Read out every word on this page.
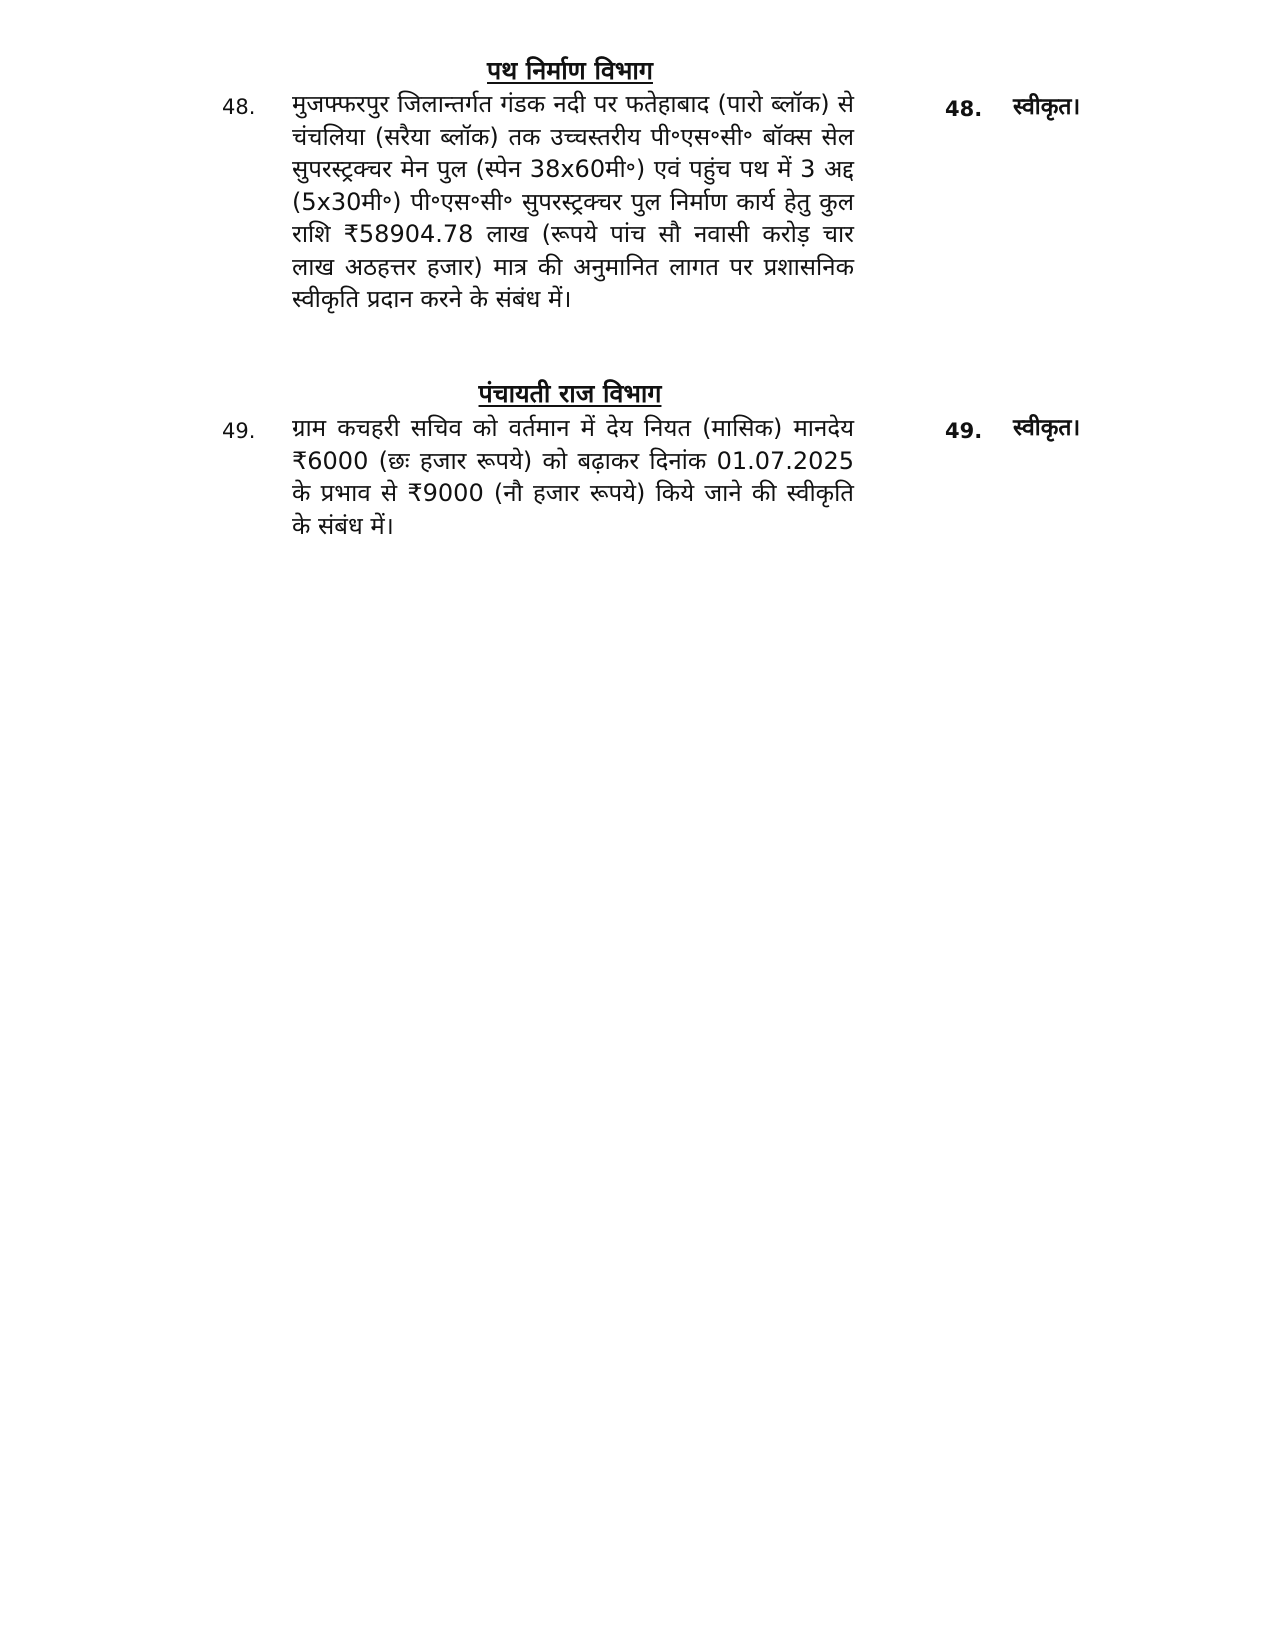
पथ निर्माण विभाग
48. मुजफ्फरपुर जिलान्तर्गत गंडक नदी पर फतेहाबाद (पारो ब्लॉक) से चंचलिया (सरैया ब्लॉक) तक उच्चस्तरीय पी॰एस॰सी॰ बॉक्स सेल सुपरस्ट्रक्चर मेन पुल (स्पेन 38x60मी॰) एवं पहुंच पथ में 3 अद्द (5x30मी॰) पी॰एस॰सी॰ सुपरस्ट्रक्चर पुल निर्माण कार्य हेतु कुल राशि ₹58904.78 लाख (रूपये पांच सौ नवासी करोड़ चार लाख अठहत्तर हजार) मात्र की अनुमानित लागत पर प्रशासनिक स्वीकृति प्रदान करने के संबंध में।
48. स्वीकृत।
पंचायती राज विभाग
49. ग्राम कचहरी सचिव को वर्तमान में देय नियत (मासिक) मानदेय ₹6000 (छः हजार रूपये) को बढ़ाकर दिनांक 01.07.2025 के प्रभाव से ₹9000 (नौ हजार रूपये) किये जाने की स्वीकृति के संबंध में।
49. स्वीकृत।
